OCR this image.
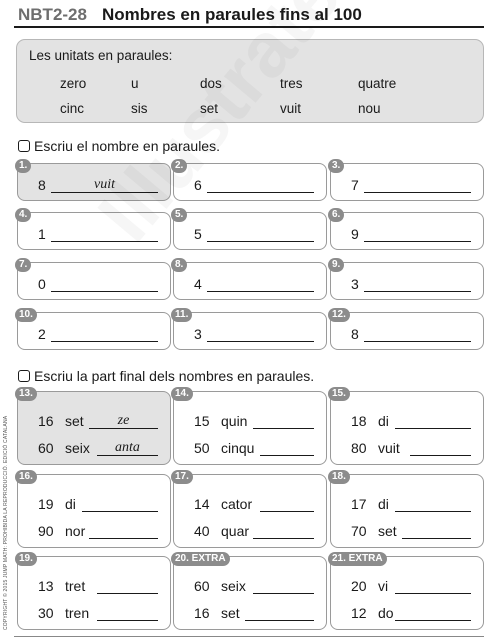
NBT2-28 Nombres en paraules fins al 100
Les unitats en paraules:
zero	u	dos	tres	quatre
cinc	sis	set	vuit	nou
Escriu el nombre en paraules.
1.
8	vuit
2.
6
3.
7
4.
1
5.
5
6.
9
7.
0
8.
4
9.
3
10.
2
11.
3
12.
8
Escriu la part final dels nombres en paraules.
13.
16 set	ze
60 seix	anta
14.
15 quin
50 cinqu
15.
18 di
80 vuit
16.
19 di
90 nor
17.
14 cator
40 quar
18.
17 di
70 set
19.
13 tret
30 tren
20. EXTRA
60 seix
16 set
21. EXTRA
20 vi
12 do
COPYRIGHT © 2015 JUMP MATH: PROHIBIDA LA REPRODUCCIÓ. EDICIÓ CATALANA
